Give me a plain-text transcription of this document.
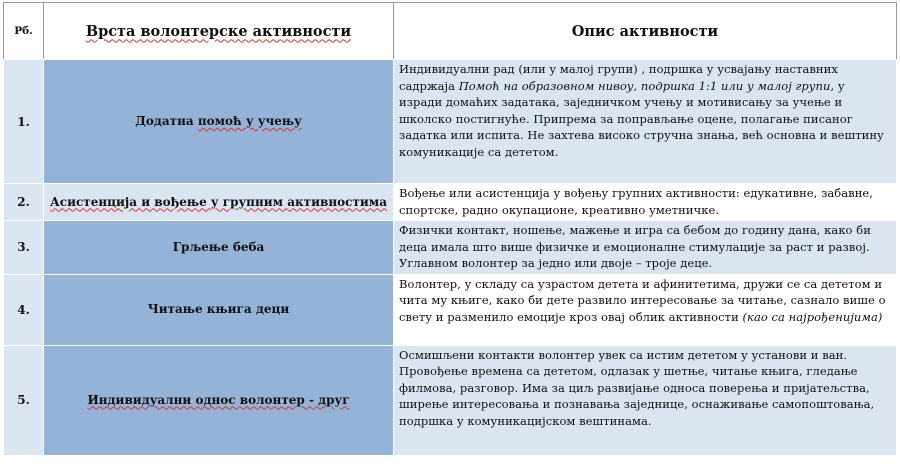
Рб.	Врста волонтерске активности	Опис активности
1.	Додатна помоћ у учењу	Индивидуални рад (или у малој групи) , подршка у усвајању наставних садржаја Помоћ на образовном нивоу, подршка 1:1 или у малој групи, у изради домаћих задатака, заједничком учењу и мотивисању за учење и школско постигнуће. Припрема за поправљање оцене, полагање писаног задатка или испита. Не захтева високо стручна знања, већ основна и вештину комуникације са дететом.
2.	Асистенција и вођење у групним активностима	Вођење или асистенција у вођењу групних активности: едукативне, забавне, спортске, радно окупационе, креативно уметничке.
3.	Грљење беба	Физички контакт, ношење, мажење и игра са бебом до годину дана, како би деца имала што више физичке и емоционалне стимулације за раст и развој. Углавном волонтер за једно или двоје – троје деце.
4.	Читање књига деци	Волонтер, у складу са узрастом детета и афинитетима, дружи се са дететом и чита му књиге, како би дете развило интересовање за читање, сазнало више о свету и разменило емоције кроз овај облик активности (као са најрођенијима)
5.	Индивидуални однос волонтер - друг	Осмишљени контакти волонтер увек са истим дететом у установи и ван. Провођење времена са дететом, одлазак у шетње, читање књига, гледање филмова, разговор. Има за циљ развијање односа поверења и пријатељства, ширење интересовања и познавања заједнице, оснаживање самопоштовања, подршка у комуникацијском вештинама.
